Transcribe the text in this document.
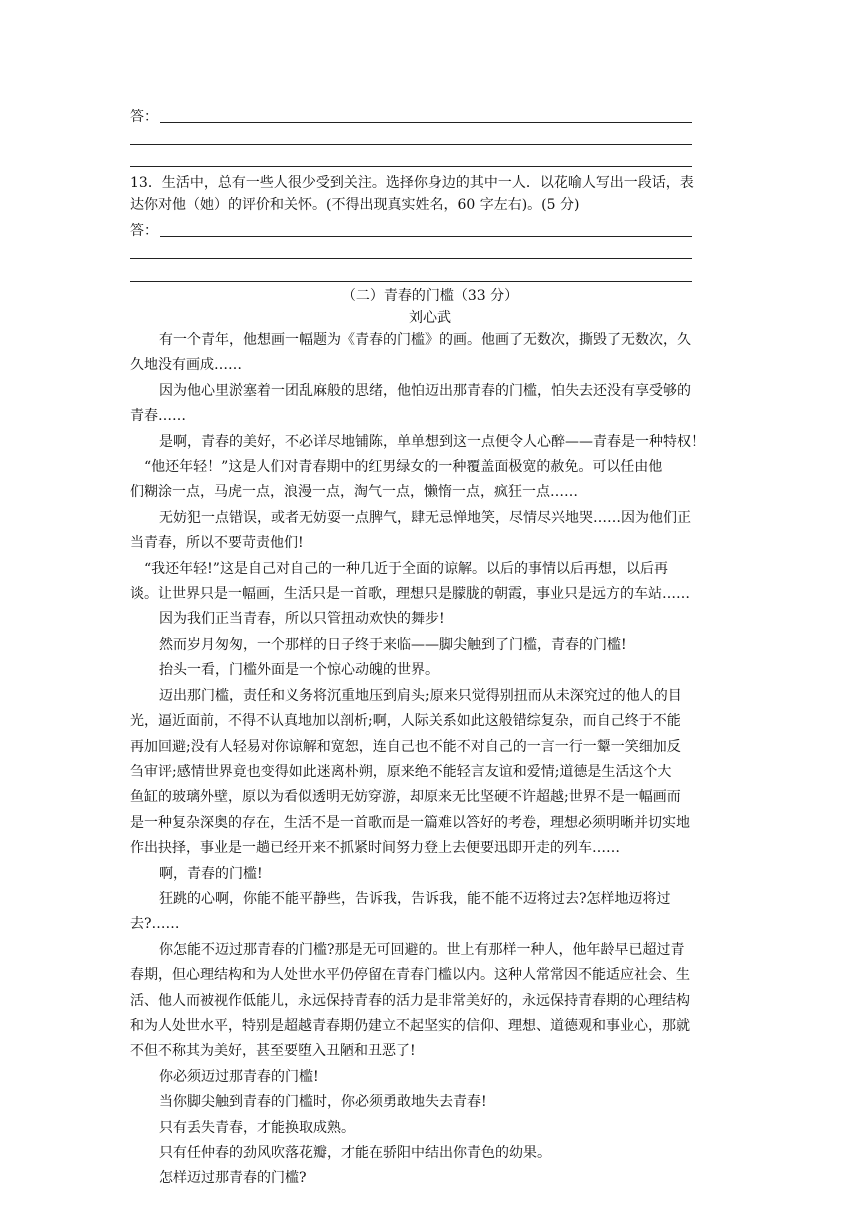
答：
13．生活中，总有一些人很少受到关注。选择你身边的其中一人．以花喻人写出一段话，表
达你对他（她）的评价和关怀。(不得出现真实姓名，60 字左右)。(5 分)
答：
（二）青春的门槛（33 分）
刘心武

有一个青年，他想画一幅题为《青春的门槛》的画。他画了无数次，撕毁了无数次，久

久地没有画成……

因为他心里淤塞着一团乱麻般的思绪，他怕迈出那青春的门槛，怕失去还没有享受够的

青春……

是啊，青春的美好，不必详尽地铺陈，单单想到这一点便令人心醉——青春是一种特权！

“他还年轻！”这是人们对青春期中的红男绿女的一种覆盖面极宽的赦免。可以任由他

们糊涂一点，马虎一点，浪漫一点，淘气一点，懒惰一点，疯狂一点……

无妨犯一点错误，或者无妨耍一点脾气，肆无忌惮地笑，尽情尽兴地哭……因为他们正

当青春，所以不要苛责他们!

“我还年轻!”这是自己对自己的一种几近于全面的谅解。以后的事情以后再想，以后再

谈。让世界只是一幅画，生活只是一首歌，理想只是朦胧的朝霞，事业只是远方的车站……

因为我们正当青春，所以只管扭动欢快的舞步!

然而岁月匆匆，一个那样的日子终于来临——脚尖触到了门槛，青春的门槛!

抬头一看，门槛外面是一个惊心动魄的世界。

迈出那门槛，责任和义务将沉重地压到肩头;原来只觉得别扭而从未深究过的他人的目

光，逼近面前，不得不认真地加以剖析;啊，人际关系如此这般错综复杂，而自己终于不能

再加回避;没有人轻易对你谅解和宽恕，连自己也不能不对自己的一言一行一颦一笑细加反

刍审评;感情世界竟也变得如此迷离朴朔，原来绝不能轻言友谊和爱情;道德是生活这个大

鱼缸的玻璃外壁，原以为看似透明无妨穿游，却原来无比坚硬不许超越;世界不是一幅画而

是一种复杂深奥的存在，生活不是一首歌而是一篇难以答好的考卷，理想必须明晰并切实地

作出抉择，事业是一趟已经开来不抓紧时间努力登上去便要迅即开走的列车……

啊，青春的门槛!

狂跳的心啊，你能不能平静些，告诉我，告诉我，能不能不迈将过去?怎样地迈将过

去?……

你怎能不迈过那青春的门槛?那是无可回避的。世上有那样一种人，他年龄早已超过青

春期，但心理结构和为人处世水平仍停留在青春门槛以内。这种人常常因不能适应社会、生

活、他人而被视作低能儿，永远保持青春的活力是非常美好的，永远保持青春期的心理结构

和为人处世水平，特别是超越青春期仍建立不起坚实的信仰、理想、道德观和事业心，那就

不但不称其为美好，甚至要堕入丑陋和丑恶了!

你必须迈过那青春的门槛!

当你脚尖触到青春的门槛时，你必须勇敢地失去青春!

只有丢失青春，才能换取成熟。

只有任仲春的劲风吹落花瓣，才能在骄阳中结出你青色的幼果。

怎样迈过那青春的门槛?
